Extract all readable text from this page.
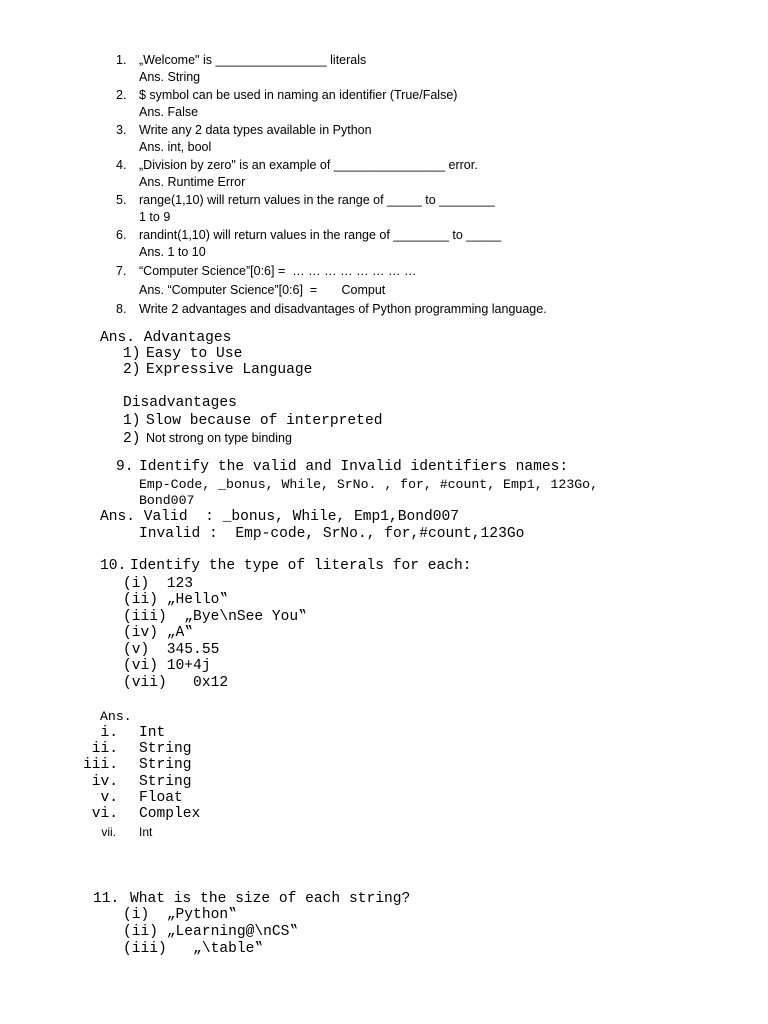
1. „Welcome" is ________________ literals
Ans. String
2. $ symbol can be used in naming an identifier (True/False)
Ans. False
3. Write any 2 data types available in Python
Ans. int, bool
4. „Division by zero" is an example of ________________ error.
Ans. Runtime Error
5. range(1,10) will return values in the range of _____ to ________
1 to 9
6. randint(1,10) will return values in the range of ________ to _____
Ans. 1 to 10
7. “Computer Science”[0:6] =  … … … … … … … …
Ans. “Computer Science”[0:6]  =       Comput
8. Write 2 advantages and disadvantages of Python programming language.
Ans. Advantages
1) Easy to Use
2) Expressive Language
Disadvantages
1) Slow because of interpreted
2) Not strong on type binding
9. Identify the valid and Invalid identifiers names:
Emp-Code, _bonus, While, SrNo. , for, #count, Emp1, 123Go,
Bond007
Ans. Valid  : _bonus, While, Emp1,Bond007
Invalid :  Emp-code, SrNo., for,#count,123Go
10. Identify the type of literals for each:
(i)  123
(ii) „Hello‟
(iii)  „Bye\nSee You‟
(iv) „A‟
(v)  345.55
(vi) 10+4j
(vii)   0x12
Ans.
i. Int
ii. String
iii. String
iv. String
v. Float
vi. Complex
vii. Int
11. What is the size of each string?
(i)  „Python‟
(ii) „Learning@\nCS‟
(iii)   „\table‟
